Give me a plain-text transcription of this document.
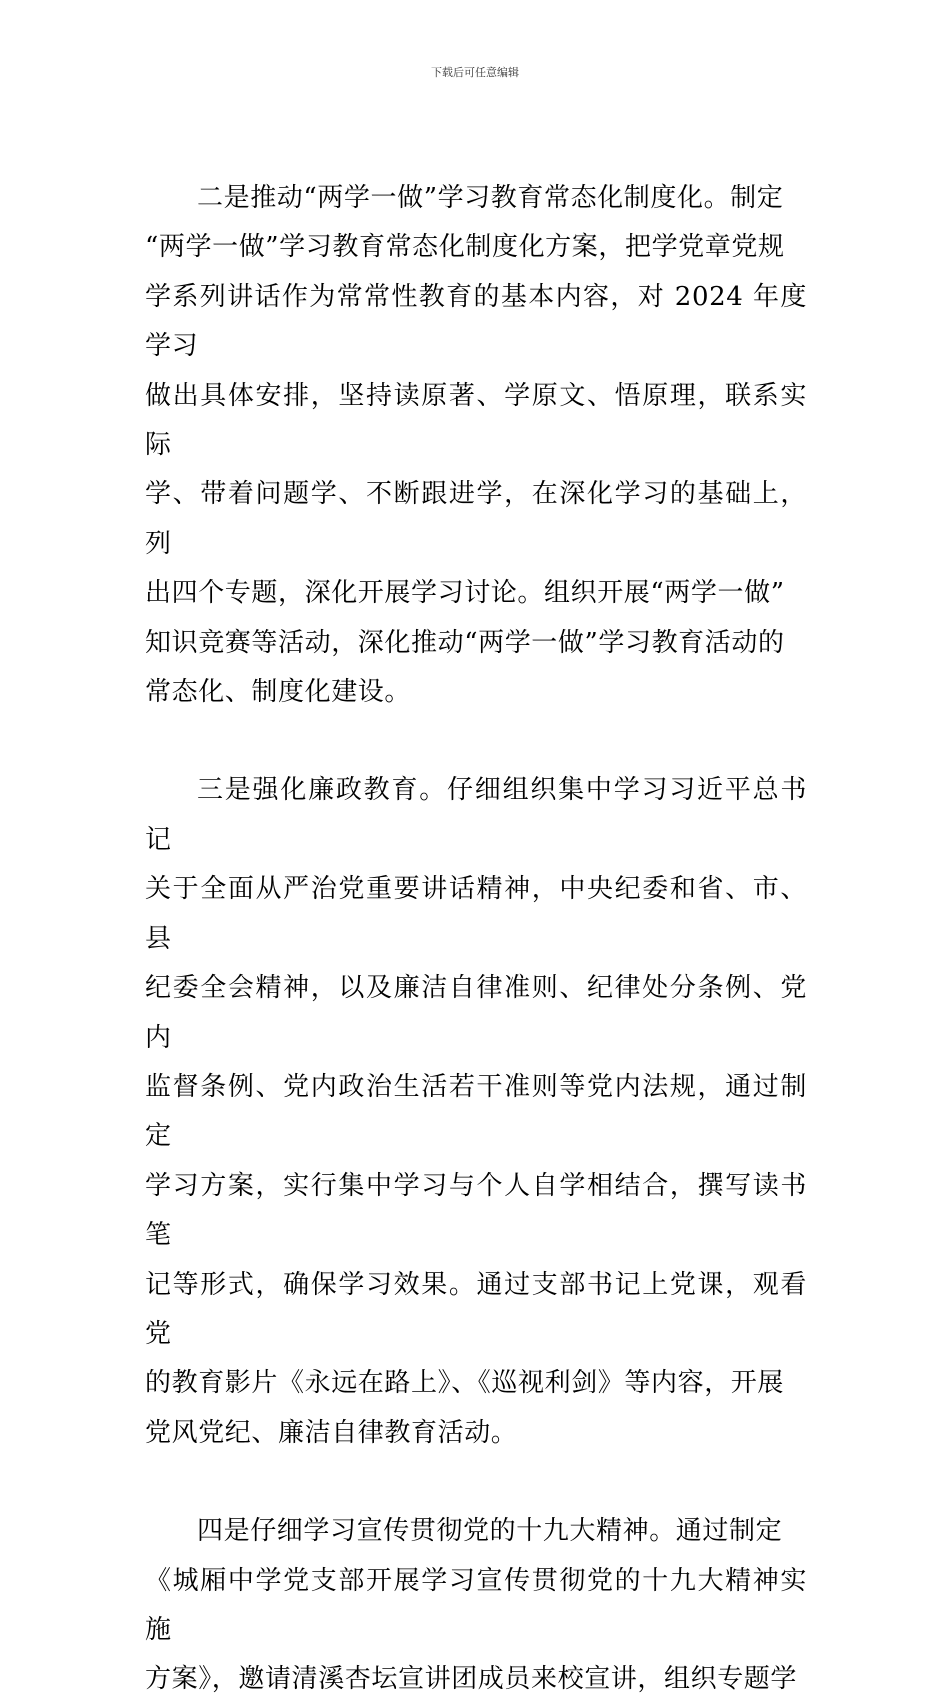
下载后可任意编辑

二是推动“两学一做”学习教育常态化制度化。制定
“两学一做”学习教育常态化制度化方案，把学党章党规
学系列讲话作为常常性教育的基本内容，对 2024 年度学习
做出具体安排，坚持读原著、学原文、悟原理，联系实际
学、带着问题学、不断跟进学，在深化学习的基础上，列
出四个专题，深化开展学习讨论。组织开展“两学一做”
知识竞赛等活动，深化推动“两学一做”学习教育活动的
常态化、制度化建设。

三是强化廉政教育。仔细组织集中学习习近平总书记
关于全面从严治党重要讲话精神，中央纪委和省、市、县
纪委全会精神，以及廉洁自律准则、纪律处分条例、党内
监督条例、党内政治生活若干准则等党内法规，通过制定
学习方案，实行集中学习与个人自学相结合，撰写读书笔
记等形式，确保学习效果。通过支部书记上党课，观看党
的教育影片《永远在路上》、《巡视利剑》等内容，开展
党风党纪、廉洁自律教育活动。

四是仔细学习宣传贯彻党的十九大精神。通过制定
《城厢中学党支部开展学习宣传贯彻党的十九大精神实施
方案》，邀请清溪杏坛宣讲团成员来校宣讲，组织专题学
